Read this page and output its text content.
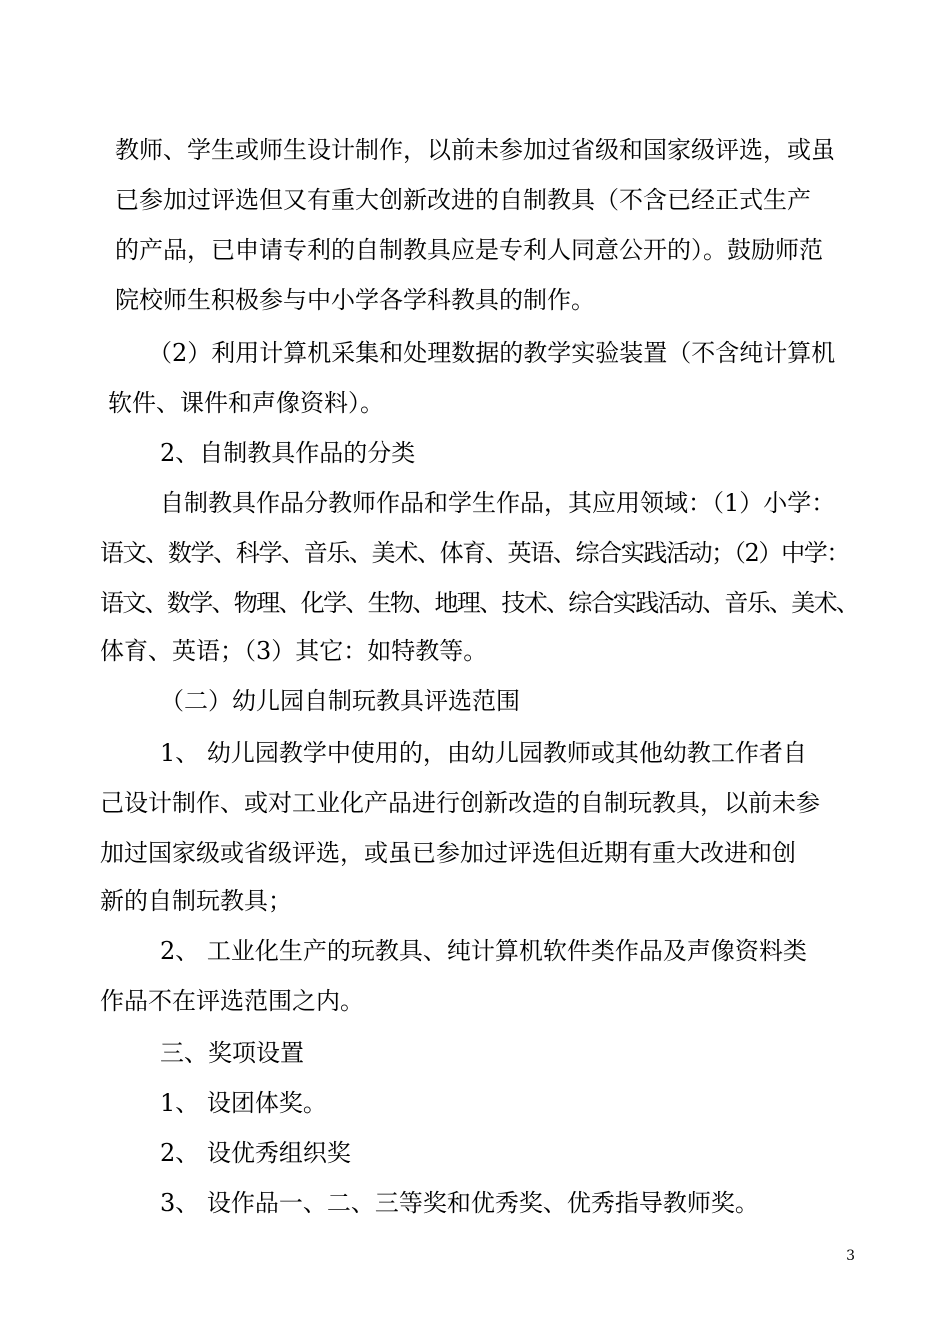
教师、学生或师生设计制作，以前未参加过省级和国家级评选，或虽
已参加过评选但又有重大创新改进的自制教具（不含已经正式生产
的产品，已申请专利的自制教具应是专利人同意公开的）。鼓励师范
院校师生积极参与中小学各学科教具的制作。
（2）利用计算机采集和处理数据的教学实验装置（不含纯计算机
软件、课件和声像资料）。
2、自制教具作品的分类
自制教具作品分教师作品和学生作品，其应用领域：（1）小学：
语文、数学、科学、音乐、美术、体育、英语、综合实践活动；（2）中学：
语文、数学、物理、化学、生物、地理、技术、综合实践活动、音乐、美术、
体育、英语；（3）其它：如特教等。
（二）幼儿园自制玩教具评选范围
1、 幼儿园教学中使用的，由幼儿园教师或其他幼教工作者自
己设计制作、或对工业化产品进行创新改造的自制玩教具，以前未参
加过国家级或省级评选，或虽已参加过评选但近期有重大改进和创
新的自制玩教具；
2、 工业化生产的玩教具、纯计算机软件类作品及声像资料类
作品不在评选范围之内。
三、奖项设置
1、 设团体奖。
2、 设优秀组织奖
3、 设作品一、二、三等奖和优秀奖、优秀指导教师奖。
3
